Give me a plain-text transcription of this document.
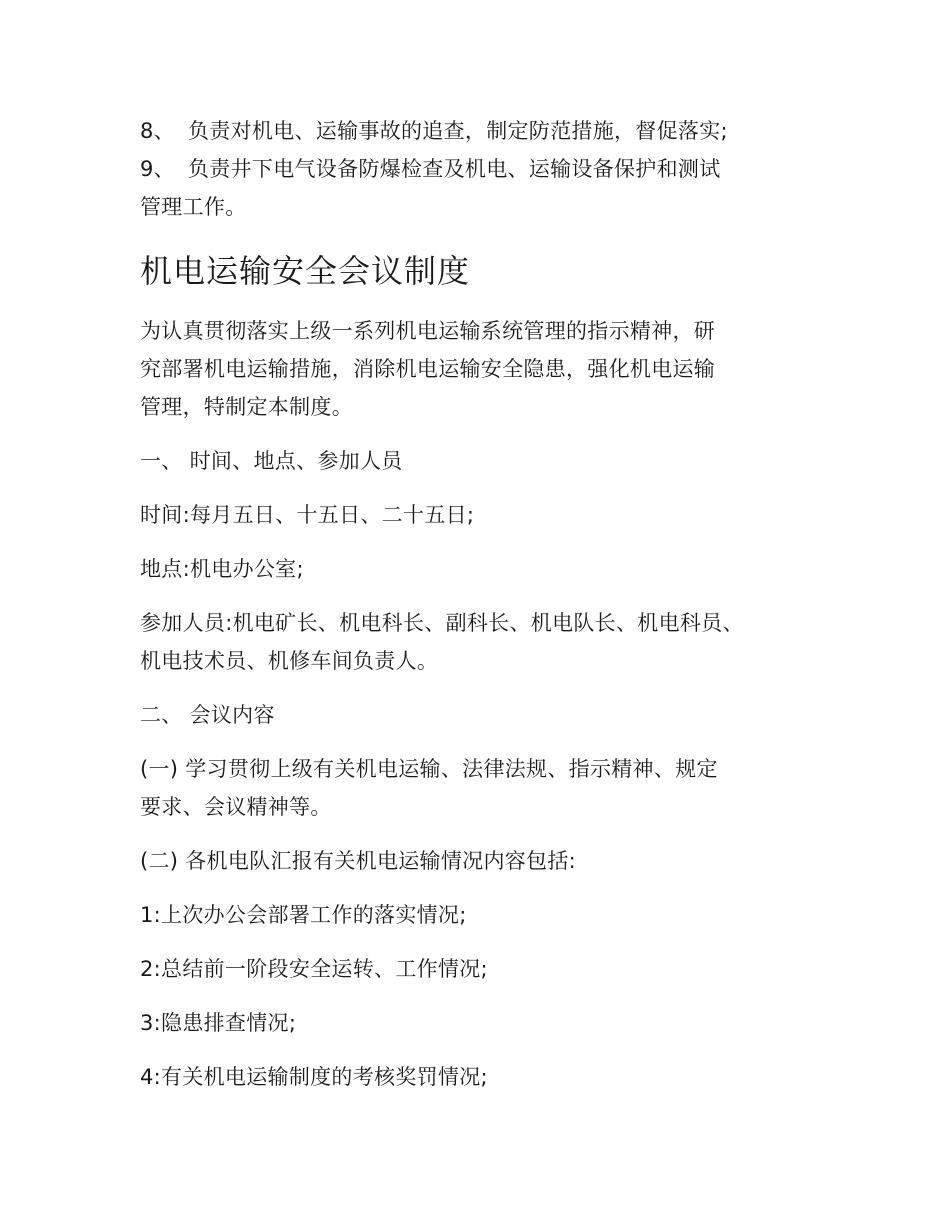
8、 负责对机电、运输事故的追查，制定防范措施，督促落实;
9、 负责井下电气设备防爆检查及机电、运输设备保护和测试
管理工作。
机电运输安全会议制度
为认真贯彻落实上级一系列机电运输系统管理的指示精神，研
究部署机电运输措施，消除机电运输安全隐患，强化机电运输
管理，特制定本制度。
一、 时间、地点、参加人员
时间:每月五日、十五日、二十五日;
地点:机电办公室;
参加人员:机电矿长、机电科长、副科长、机电队长、机电科员、
机电技术员、机修车间负责人。
二、 会议内容
(一) 学习贯彻上级有关机电运输、法律法规、指示精神、规定
要求、会议精神等。
(二) 各机电队汇报有关机电运输情况内容包括:
1:上次办公会部署工作的落实情况;
2:总结前一阶段安全运转、工作情况;
3:隐患排查情况;
4:有关机电运输制度的考核奖罚情况;
